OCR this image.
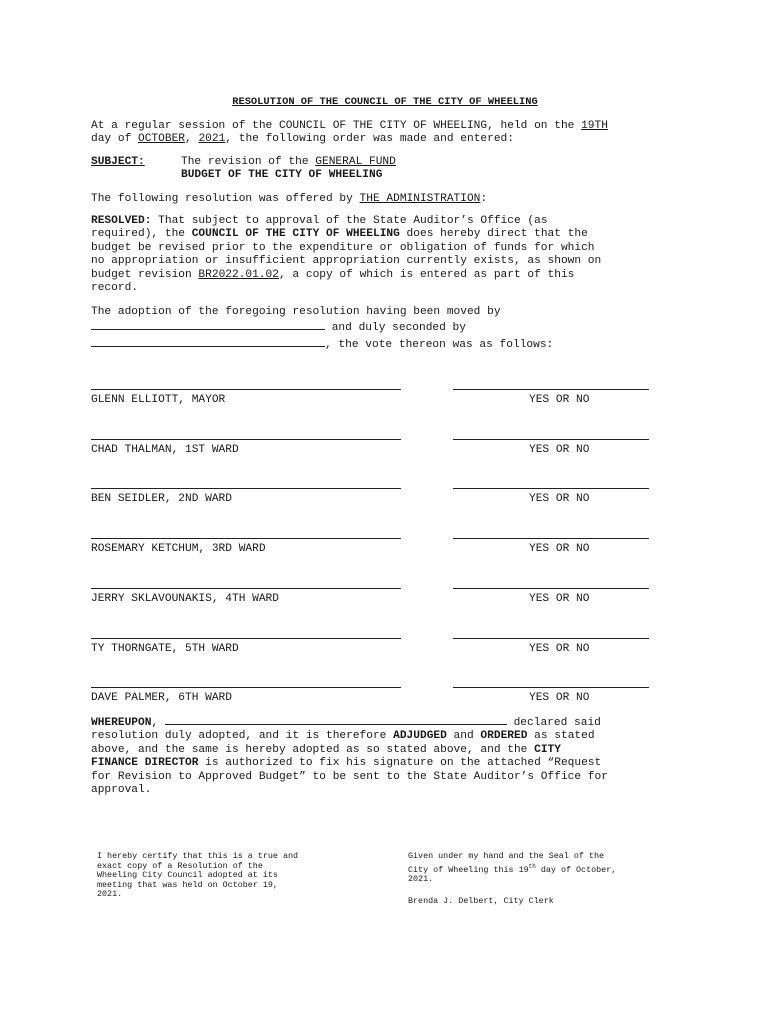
RESOLUTION OF THE COUNCIL OF THE CITY OF WHEELING
At a regular session of the COUNCIL OF THE CITY OF WHEELING, held on the 19TH
day of OCTOBER, 2021, the following order was made and entered:
SUBJECT:	The revision of the GENERAL FUND
BUDGET OF THE CITY OF WHEELING
The following resolution was offered by THE ADMINISTRATION:
RESOLVED: That subject to approval of the State Auditor’s Office (as
required), the COUNCIL OF THE CITY OF WHEELING does hereby direct that the
budget be revised prior to the expenditure or obligation of funds for which
no appropriation or insufficient appropriation currently exists, as shown on
budget revision BR2022.01.02, a copy of which is entered as part of this
record.
The adoption of the foregoing resolution having been moved by
and duly seconded by
, the vote thereon was as follows:
GLENN ELLIOTT, MAYOR	YES OR NO
CHAD THALMAN, 1ST WARD	YES OR NO
BEN SEIDLER, 2ND WARD	YES OR NO
ROSEMARY KETCHUM, 3RD WARD	YES OR NO
JERRY SKLAVOUNAKIS, 4TH WARD	YES OR NO
TY THORNGATE, 5TH WARD	YES OR NO
DAVE PALMER, 6TH WARD	YES OR NO
WHEREUPON,	declared said
resolution duly adopted, and it is therefore ADJUDGED and ORDERED as stated
above, and the same is hereby adopted as so stated above, and the CITY
FINANCE DIRECTOR is authorized to fix his signature on the attached “Request
for Revision to Approved Budget” to be sent to the State Auditor’s Office for
approval.
I hereby certify that this is a true and
exact copy of a Resolution of the
Wheeling City Council adopted at its
meeting that was held on October 19,
2021.
Given under my hand and the Seal of the
City of Wheeling this 19th day of October,
2021.
Brenda J. Delbert, City Clerk
